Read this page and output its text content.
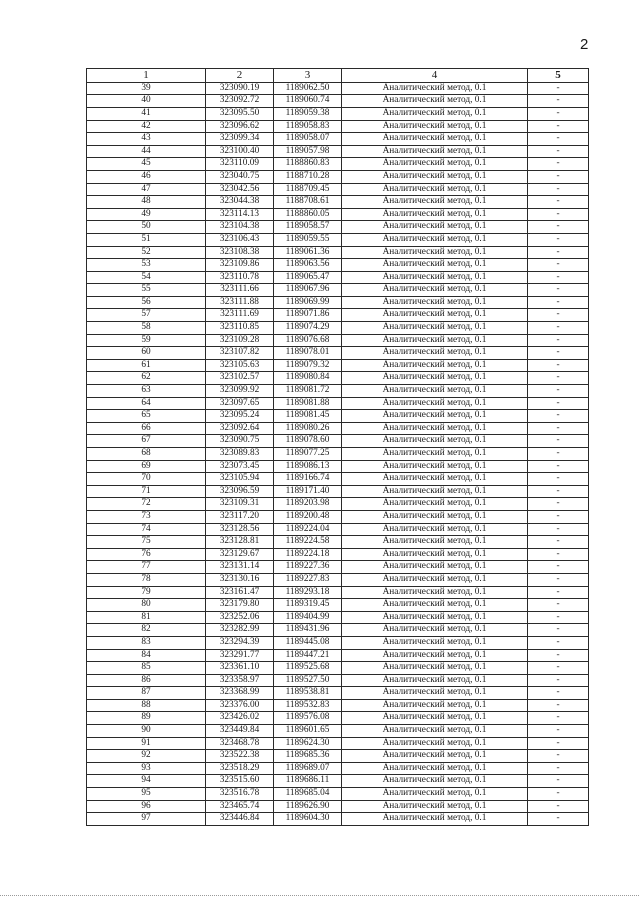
2
1	2	3	4	5
39	323090.19	1189062.50	Аналитический метод, 0.1	-
40	323092.72	1189060.74	Аналитический метод, 0.1	-
41	323095.50	1189059.38	Аналитический метод, 0.1	-
42	323096.62	1189058.83	Аналитический метод, 0.1	-
43	323099.34	1189058.07	Аналитический метод, 0.1	-
44	323100.40	1189057.98	Аналитический метод, 0.1	-
45	323110.09	1188860.83	Аналитический метод, 0.1	-
46	323040.75	1188710.28	Аналитический метод, 0.1	-
47	323042.56	1188709.45	Аналитический метод, 0.1	-
48	323044.38	1188708.61	Аналитический метод, 0.1	-
49	323114.13	1188860.05	Аналитический метод, 0.1	-
50	323104.38	1189058.57	Аналитический метод, 0.1	-
51	323106.43	1189059.55	Аналитический метод, 0.1	-
52	323108.38	1189061.36	Аналитический метод, 0.1	-
53	323109.86	1189063.56	Аналитический метод, 0.1	-
54	323110.78	1189065.47	Аналитический метод, 0.1	-
55	323111.66	1189067.96	Аналитический метод, 0.1	-
56	323111.88	1189069.99	Аналитический метод, 0.1	-
57	323111.69	1189071.86	Аналитический метод, 0.1	-
58	323110.85	1189074.29	Аналитический метод, 0.1	-
59	323109.28	1189076.68	Аналитический метод, 0.1	-
60	323107.82	1189078.01	Аналитический метод, 0.1	-
61	323105.63	1189079.32	Аналитический метод, 0.1	-
62	323102.57	1189080.84	Аналитический метод, 0.1	-
63	323099.92	1189081.72	Аналитический метод, 0.1	-
64	323097.65	1189081.88	Аналитический метод, 0.1	-
65	323095.24	1189081.45	Аналитический метод, 0.1	-
66	323092.64	1189080.26	Аналитический метод, 0.1	-
67	323090.75	1189078.60	Аналитический метод, 0.1	-
68	323089.83	1189077.25	Аналитический метод, 0.1	-
69	323073.45	1189086.13	Аналитический метод, 0.1	-
70	323105.94	1189166.74	Аналитический метод, 0.1	-
71	323096.59	1189171.40	Аналитический метод, 0.1	-
72	323109.31	1189203.98	Аналитический метод, 0.1	-
73	323117.20	1189200.48	Аналитический метод, 0.1	-
74	323128.56	1189224.04	Аналитический метод, 0.1	-
75	323128.81	1189224.58	Аналитический метод, 0.1	-
76	323129.67	1189224.18	Аналитический метод, 0.1	-
77	323131.14	1189227.36	Аналитический метод, 0.1	-
78	323130.16	1189227.83	Аналитический метод, 0.1	-
79	323161.47	1189293.18	Аналитический метод, 0.1	-
80	323179.80	1189319.45	Аналитический метод, 0.1	-
81	323252.06	1189404.99	Аналитический метод, 0.1	-
82	323282.99	1189431.96	Аналитический метод, 0.1	-
83	323294.39	1189445.08	Аналитический метод, 0.1	-
84	323291.77	1189447.21	Аналитический метод, 0.1	-
85	323361.10	1189525.68	Аналитический метод, 0.1	-
86	323358.97	1189527.50	Аналитический метод, 0.1	-
87	323368.99	1189538.81	Аналитический метод, 0.1	-
88	323376.00	1189532.83	Аналитический метод, 0.1	-
89	323426.02	1189576.08	Аналитический метод, 0.1	-
90	323449.84	1189601.65	Аналитический метод, 0.1	-
91	323468.78	1189624.30	Аналитический метод, 0.1	-
92	323522.38	1189685.36	Аналитический метод, 0.1	-
93	323518.29	1189689.07	Аналитический метод, 0.1	-
94	323515.60	1189686.11	Аналитический метод, 0.1	-
95	323516.78	1189685.04	Аналитический метод, 0.1	-
96	323465.74	1189626.90	Аналитический метод, 0.1	-
97	323446.84	1189604.30	Аналитический метод, 0.1	-
